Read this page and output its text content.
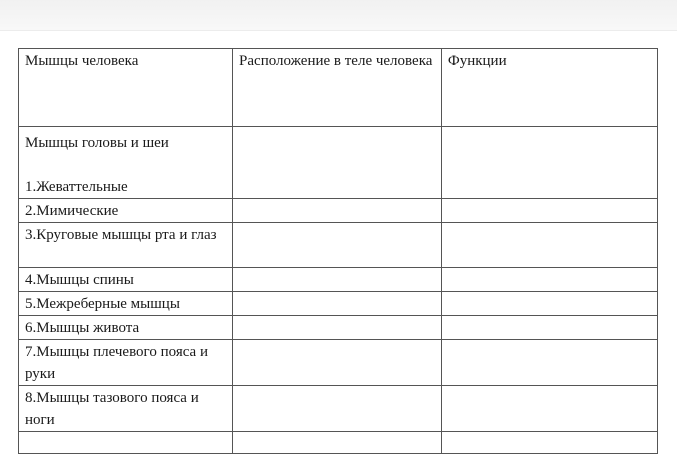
Мышцы человека	Расположение в теле человека	Функции

Мышцы головы и шеи
1.Жеваттельные		

2.Мимические		
3.Круговые мышцы рта и глаз		
4.Мышцы спины		
5.Межреберные мышцы		
6.Мышцы живота		
7.Мышцы плечевого пояса и руки		
8.Мышцы тазового пояса и ноги		
